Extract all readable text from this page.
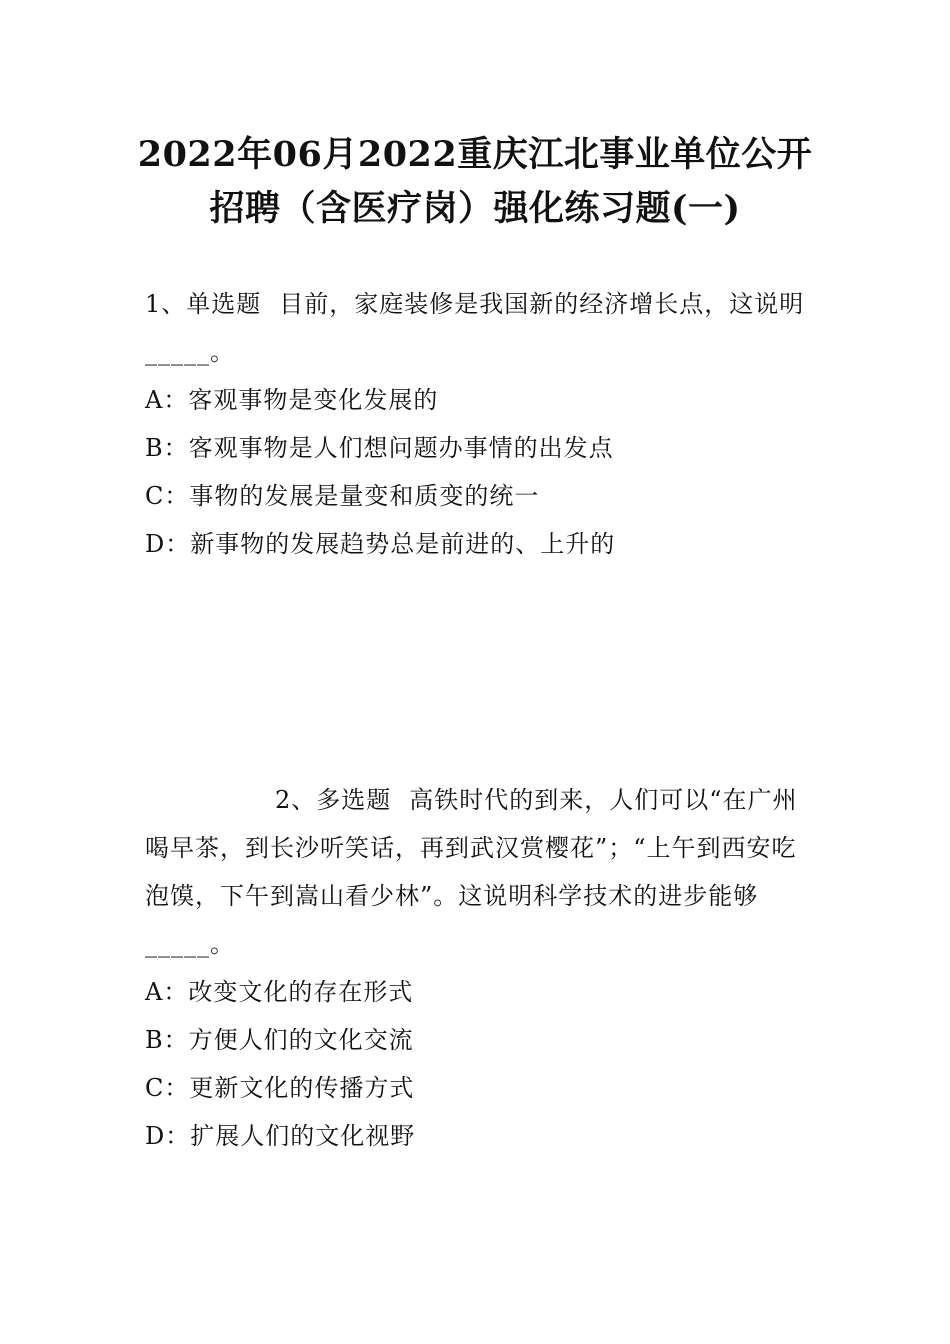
2022年06月2022重庆江北事业单位公开招聘（含医疗岗）强化练习题(一)
1、单选题 目前，家庭装修是我国新的经济增长点，这说明_____。
A：客观事物是变化发展的
B：客观事物是人们想问题办事情的出发点
C：事物的发展是量变和质变的统一
D：新事物的发展趋势总是前进的、上升的
2、多选题 高铁时代的到来，人们可以“在广州喝早茶，到长沙听笑话，再到武汉赏樱花”；“上午到西安吃泡馍，下午到嵩山看少林”。这说明科学技术的进步能够_____。
A：改变文化的存在形式
B：方便人们的文化交流
C：更新文化的传播方式
D：扩展人们的文化视野
